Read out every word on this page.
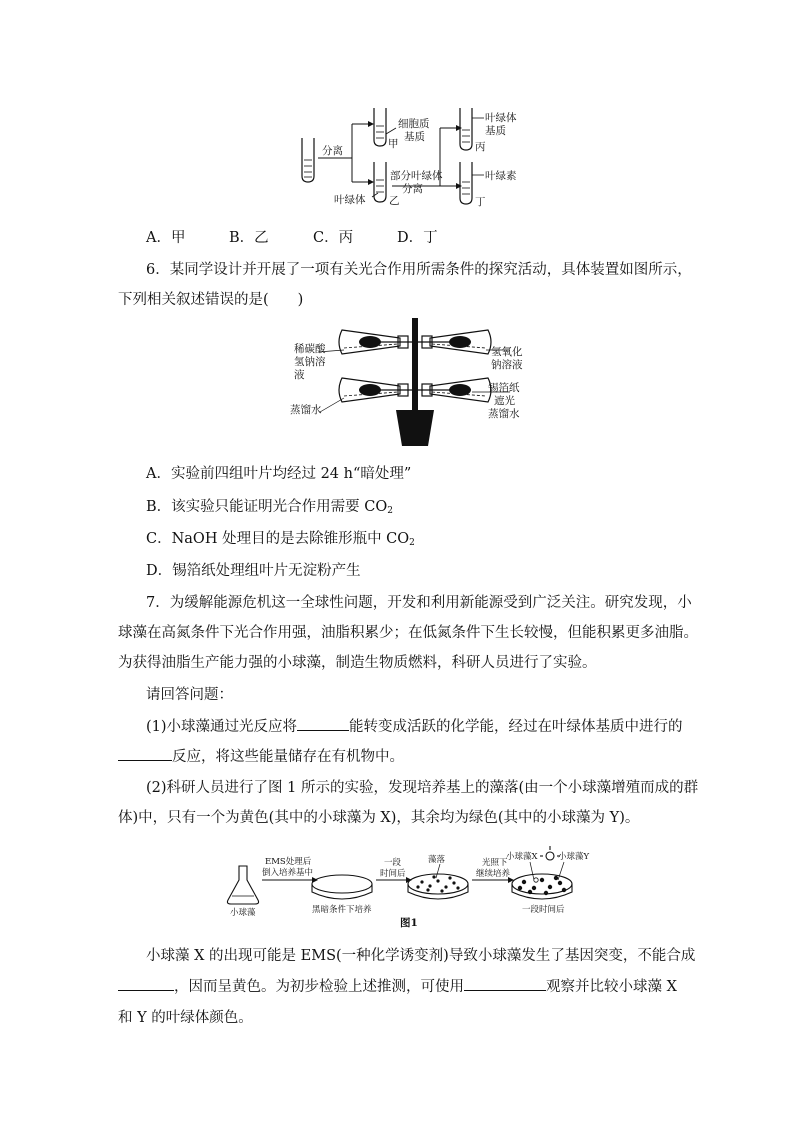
分离
细胞质
基质
甲
部分叶绿体
分离
叶绿体 乙
叶绿体
基质
丙
叶绿素
丁
A．甲	B．乙	C．丙	D．丁
6．某同学设计并开展了一项有关光合作用所需条件的探究活动，具体装置如图所示，
下列相关叙述错误的是(　　)
稀碳酸
氢钠溶
液
氢氧化
钠溶液
锡箔纸
遮光
蒸馏水
蒸馏水
A．实验前四组叶片均经过 24 h“暗处理”
B．该实验只能证明光合作用需要 $CO_2$
C．NaOH 处理目的是去除锥形瓶中 $CO_2$
D．锡箔纸处理组叶片无淀粉产生
7．为缓解能源危机这一全球性问题，开发和利用新能源受到广泛关注。研究发现，小
球藻在高氮条件下光合作用强，油脂积累少；在低氮条件下生长较慢，但能积累更多油脂。
为获得油脂生产能力强的小球藻，制造生物质燃料，科研人员进行了实验。
请回答问题：
(1)小球藻通过光反应将	能转变成活跃的化学能，经过在叶绿体基质中进行的
反应，将这些能量储存在有机物中。
(2)科研人员进行了图 1 所示的实验，发现培养基上的藻落(由一个小球藻增殖而成的群
体)中，只有一个为黄色(其中的小球藻为 X)，其余均为绿色(其中的小球藻为 Y)。
EMS处理后
倒入培养基中
小球藻	黑暗条件下培养
一段
时间后
藻落	光照下
继续培养
小球藻X 小球藻Y
一段时间后
图1
小球藻 X 的出现可能是 EMS(一种化学诱变剂)导致小球藻发生了基因突变，不能合成
，因而呈黄色。为初步检验上述推测，可使用	观察并比较小球藻 X
和 Y 的叶绿体颜色。
